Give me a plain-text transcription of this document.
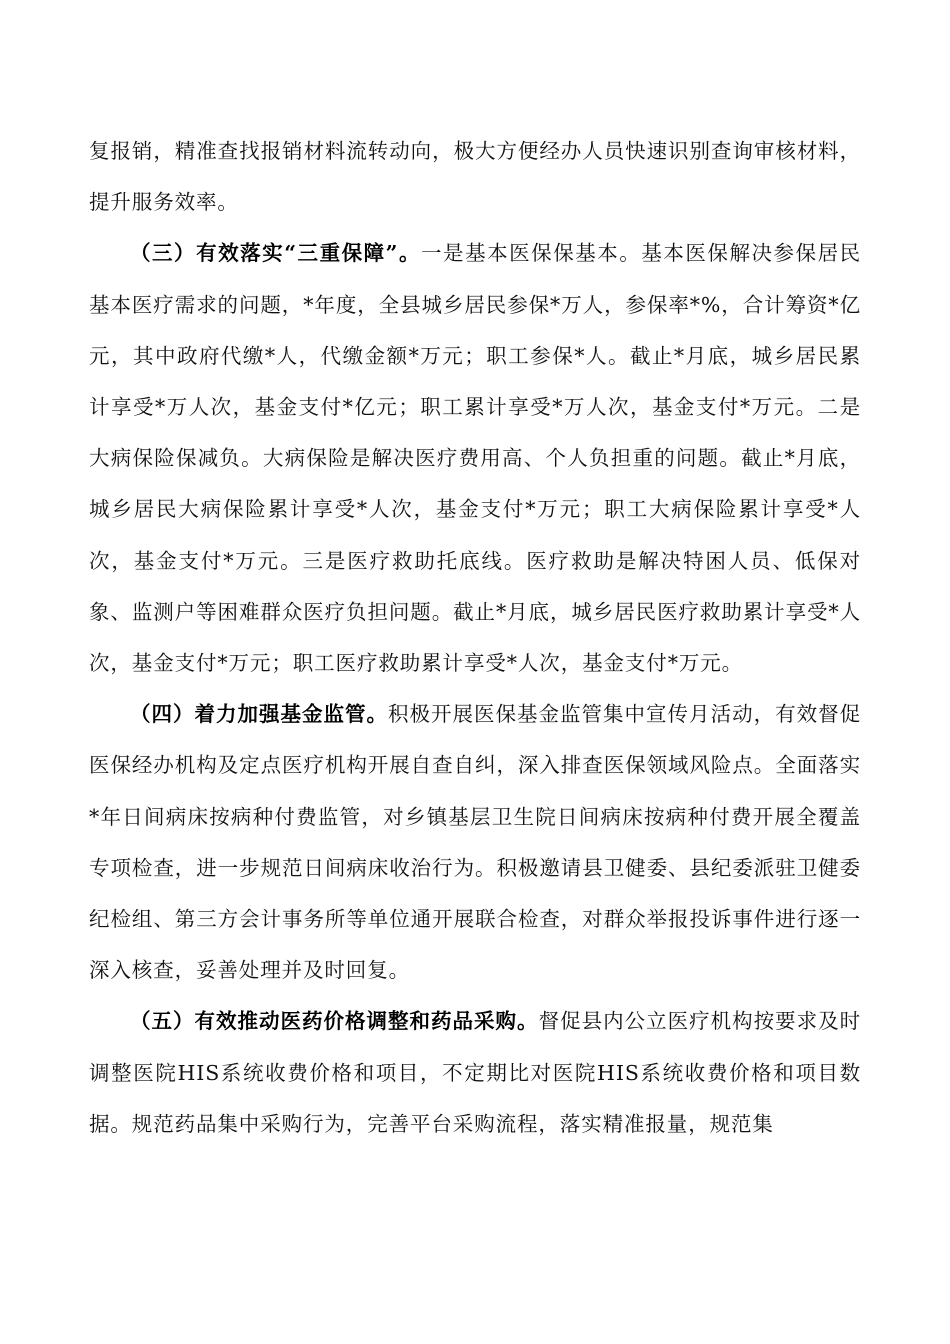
复报销，精准查找报销材料流转动向，极大方便经办人员快速识别查询审核材料，提升服务效率。

（三）有效落实“三重保障”。一是基本医保保基本。基本医保解决参保居民基本医疗需求的问题，*年度，全县城乡居民参保*万人，参保率*%，合计筹资*亿元，其中政府代缴*人，代缴金额*万元；职工参保*人。截止*月底，城乡居民累计享受*万人次，基金支付*亿元；职工累计享受*万人次，基金支付*万元。二是大病保险保减负。大病保险是解决医疗费用高、个人负担重的问题。截止*月底，城乡居民大病保险累计享受*人次，基金支付*万元；职工大病保险累计享受*人次，基金支付*万元。三是医疗救助托底线。医疗救助是解决特困人员、低保对象、监测户等困难群众医疗负担问题。截止*月底，城乡居民医疗救助累计享受*人次，基金支付*万元；职工医疗救助累计享受*人次，基金支付*万元。

（四）着力加强基金监管。积极开展医保基金监管集中宣传月活动，有效督促医保经办机构及定点医疗机构开展自查自纠，深入排查医保领域风险点。全面落实*年日间病床按病种付费监管，对乡镇基层卫生院日间病床按病种付费开展全覆盖专项检查，进一步规范日间病床收治行为。积极邀请县卫健委、县纪委派驻卫健委纪检组、第三方会计事务所等单位通开展联合检查，对群众举报投诉事件进行逐一深入核查，妥善处理并及时回复。

（五）有效推动医药价格调整和药品采购。督促县内公立医疗机构按要求及时调整医院HIS系统收费价格和项目，不定期比对医院HIS系统收费价格和项目数据。规范药品集中采购行为，完善平台采购流程，落实精准报量，规范集
